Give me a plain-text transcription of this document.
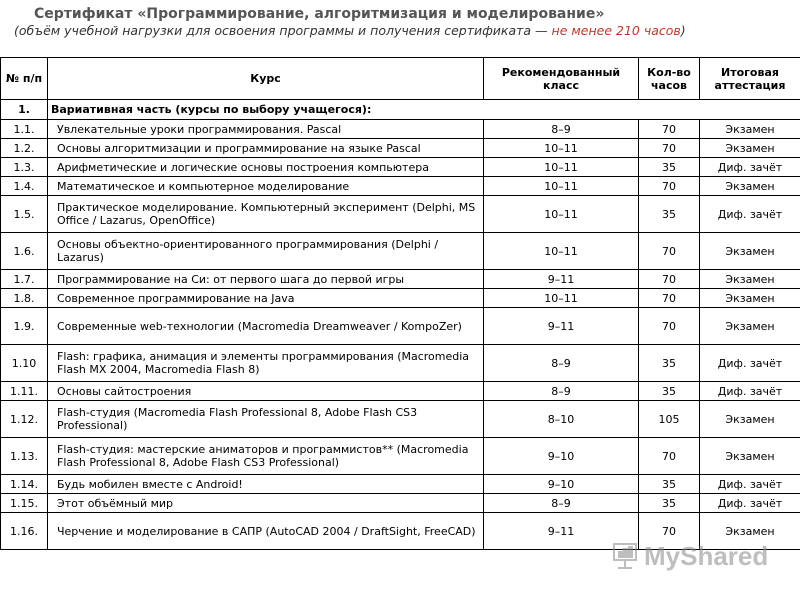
Сертификат «Программирование, алгоритмизация и моделирование»
(объём учебной нагрузки для освоения программы и получения сертификата — не менее 210 часов)
№ п/п	Курс	Рекомендованный класс	Кол-во часов	Итоговая аттестация
1.	Вариативная часть (курсы по выбору учащегося):			
1.1.	Увлекательные уроки программирования. Pascal	8–9	70	Экзамен
1.2.	Основы алгоритмизации и программирование на языке Pascal	10–11	70	Экзамен
1.3.	Арифметические и логические основы построения компьютера	10–11	35	Диф. зачёт
1.4.	Математическое и компьютерное моделирование	10–11	70	Экзамен
1.5.	Практическое моделирование. Компьютерный эксперимент (Delphi, MS Office / Lazarus, OpenOffice)	10–11	35	Диф. зачёт
1.6.	Основы объектно-ориентированного программирования (Delphi / Lazarus)	10–11	70	Экзамен
1.7.	Программирование на Си: от первого шага до первой игры	9–11	70	Экзамен
1.8.	Современное программирование на Java	10–11	70	Экзамен
1.9.	Современные web-технологии (Macromedia Dreamweaver / KompoZer)	9–11	70	Экзамен
1.10	Flash: графика, анимация и элементы программирования (Macromedia Flash MX 2004, Macromedia Flash 8)	8–9	35	Диф. зачёт
1.11.	Основы сайтостроения	8–9	35	Диф. зачёт
1.12.	Flash-студия (Macromedia Flash Professional 8, Adobe Flash CS3 Professional)	8–10	105	Экзамен
1.13.	Flash-студия: мастерские аниматоров и программистов** (Macromedia Flash Professional 8, Adobe Flash CS3 Professional)	9–10	70	Экзамен
1.14.	Будь мобилен вместе с Android!	9–10	35	Диф. зачёт
1.15.	Этот объёмный мир	8–9	35	Диф. зачёт
1.16.	Черчение и моделирование в САПР (AutoCAD 2004 / DraftSight, FreeCAD)	9–11	70	Экзамен
MyShared
